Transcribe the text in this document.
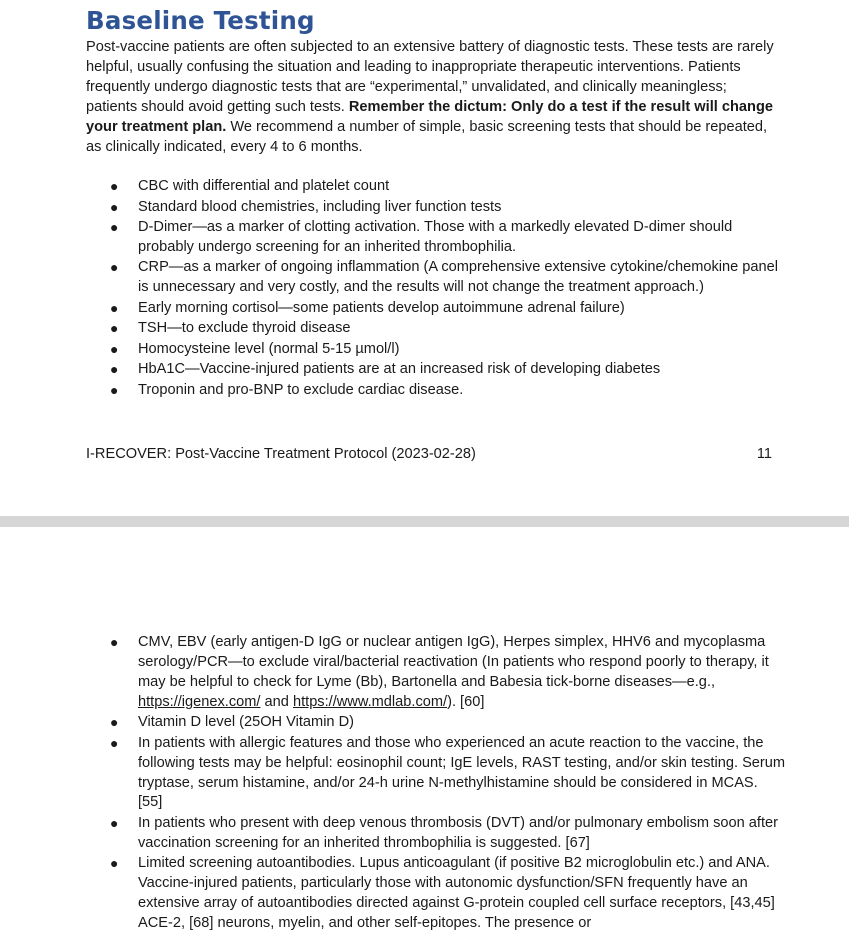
Baseline Testing

Post-vaccine patients are often subjected to an extensive battery of diagnostic tests. These tests are rarely helpful, usually confusing the situation and leading to inappropriate therapeutic interventions. Patients frequently undergo diagnostic tests that are “experimental,” unvalidated, and clinically meaningless; patients should avoid getting such tests. Remember the dictum: Only do a test if the result will change your treatment plan. We recommend a number of simple, basic screening tests that should be repeated, as clinically indicated, every 4 to 6 months.

● CBC with differential and platelet count
● Standard blood chemistries, including liver function tests
● D-Dimer—as a marker of clotting activation. Those with a markedly elevated D-dimer should probably undergo screening for an inherited thrombophilia.
● CRP—as a marker of ongoing inflammation (A comprehensive extensive cytokine/chemokine panel is unnecessary and very costly, and the results will not change the treatment approach.)
● Early morning cortisol—some patients develop autoimmune adrenal failure)
● TSH—to exclude thyroid disease
● Homocysteine level (normal 5-15 µmol/l)
● HbA1C—Vaccine-injured patients are at an increased risk of developing diabetes
● Troponin and pro-BNP to exclude cardiac disease.
I-RECOVER: Post-Vaccine Treatment Protocol (2023-02-28)	11
● CMV, EBV (early antigen-D IgG or nuclear antigen IgG), Herpes simplex, HHV6 and mycoplasma serology/PCR—to exclude viral/bacterial reactivation (In patients who respond poorly to therapy, it may be helpful to check for Lyme (Bb), Bartonella and Babesia tick-borne diseases—e.g., https://igenex.com/ and https://www.mdlab.com/). [60]
● Vitamin D level (25OH Vitamin D)
● In patients with allergic features and those who experienced an acute reaction to the vaccine, the following tests may be helpful: eosinophil count; IgE levels, RAST testing, and/or skin testing. Serum tryptase, serum histamine, and/or 24-h urine N-methylhistamine should be considered in MCAS. [55]
● In patients who present with deep venous thrombosis (DVT) and/or pulmonary embolism soon after vaccination screening for an inherited thrombophilia is suggested. [67]
● Limited screening autoantibodies. Lupus anticoagulant (if positive B2 microglobulin etc.) and ANA. Vaccine-injured patients, particularly those with autonomic dysfunction/SFN frequently have an extensive array of autoantibodies directed against G-protein coupled cell surface receptors, [43,45] ACE-2, [68] neurons, myelin, and other self-epitopes. The presence or
